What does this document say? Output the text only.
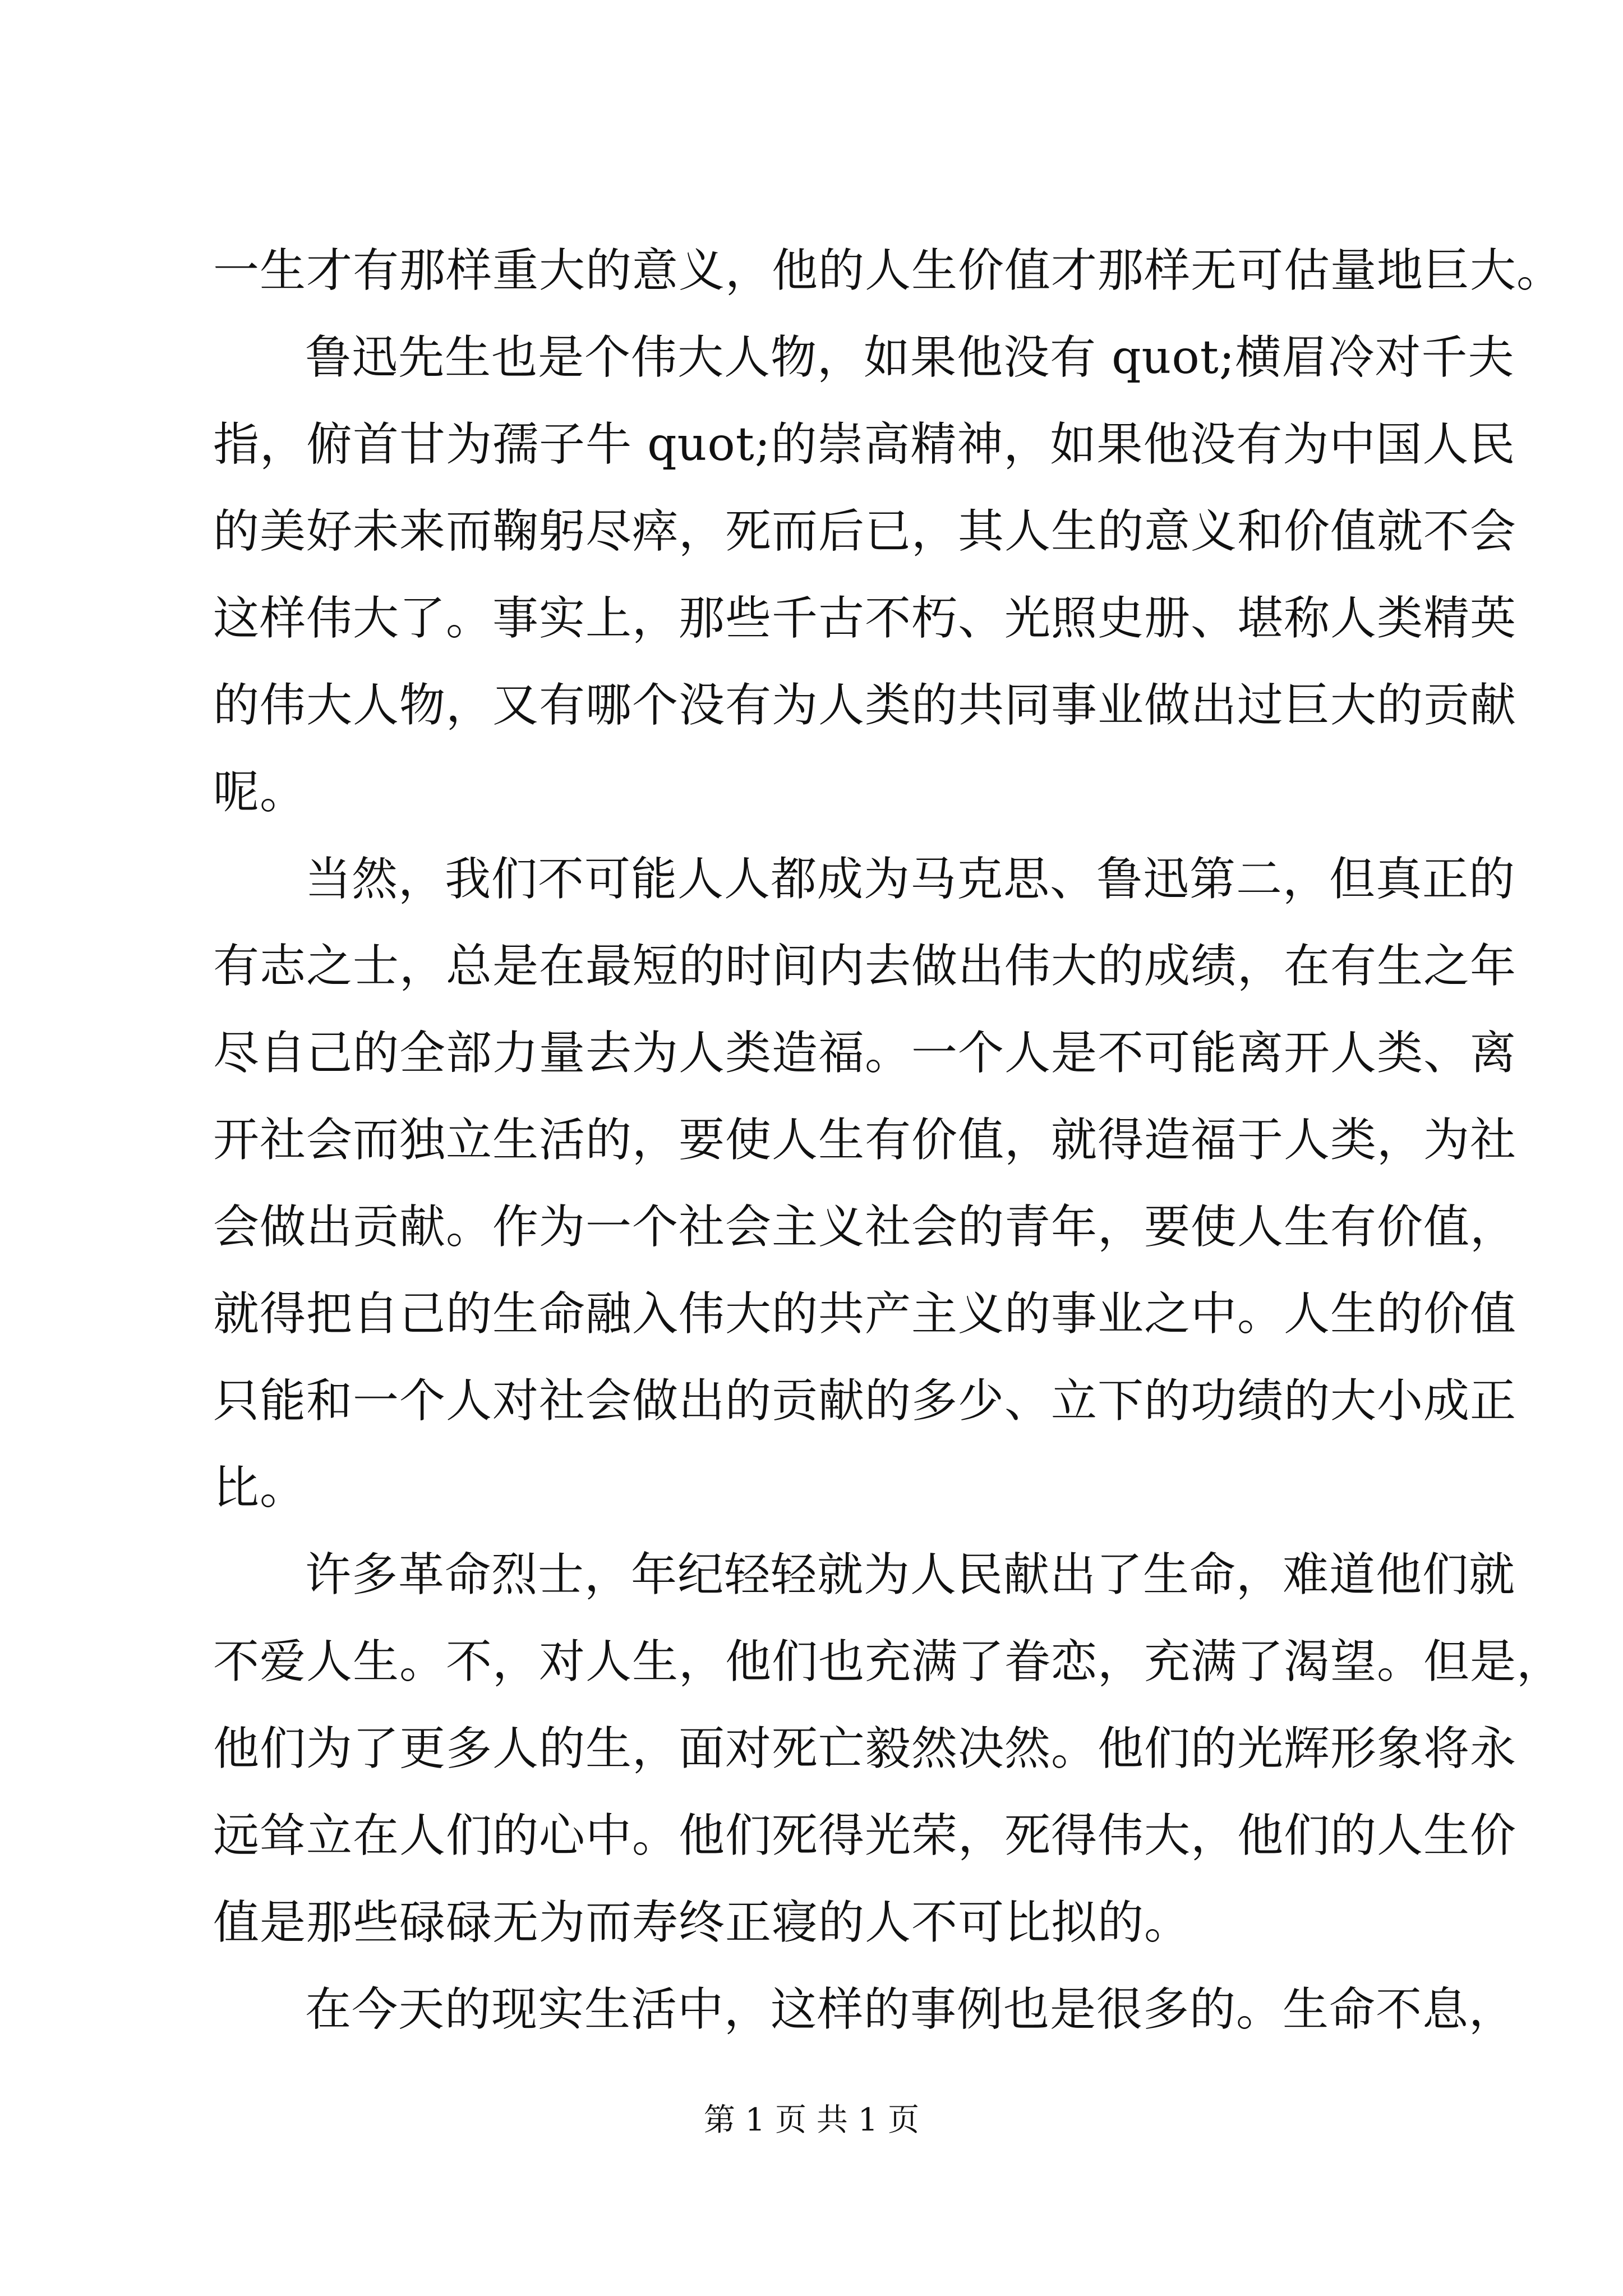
一生才有那样重大的意义，他的人生价值才那样无可估量地巨大。
鲁迅先生也是个伟大人物，如果他没有 quot;横眉冷对千夫
指，俯首甘为孺子牛 quot;的崇高精神，如果他没有为中国人民
的美好未来而鞠躬尽瘁，死而后已，其人生的意义和价值就不会
这样伟大了。事实上，那些千古不朽、光照史册、堪称人类精英
的伟大人物，又有哪个没有为人类的共同事业做出过巨大的贡献
呢。
当然，我们不可能人人都成为马克思、鲁迅第二，但真正的
有志之士，总是在最短的时间内去做出伟大的成绩，在有生之年
尽自己的全部力量去为人类造福。一个人是不可能离开人类、离
开社会而独立生活的，要使人生有价值，就得造福于人类，为社
会做出贡献。作为一个社会主义社会的青年，要使人生有价值，
就得把自己的生命融入伟大的共产主义的事业之中。人生的价值
只能和一个人对社会做出的贡献的多少、立下的功绩的大小成正
比。
许多革命烈士，年纪轻轻就为人民献出了生命，难道他们就
不爱人生。不，对人生，他们也充满了眷恋，充满了渴望。但是，
他们为了更多人的生，面对死亡毅然决然。他们的光辉形象将永
远耸立在人们的心中。他们死得光荣，死得伟大，他们的人生价
值是那些碌碌无为而寿终正寝的人不可比拟的。
在今天的现实生活中，这样的事例也是很多的。生命不息，
第 1 页 共 1 页
